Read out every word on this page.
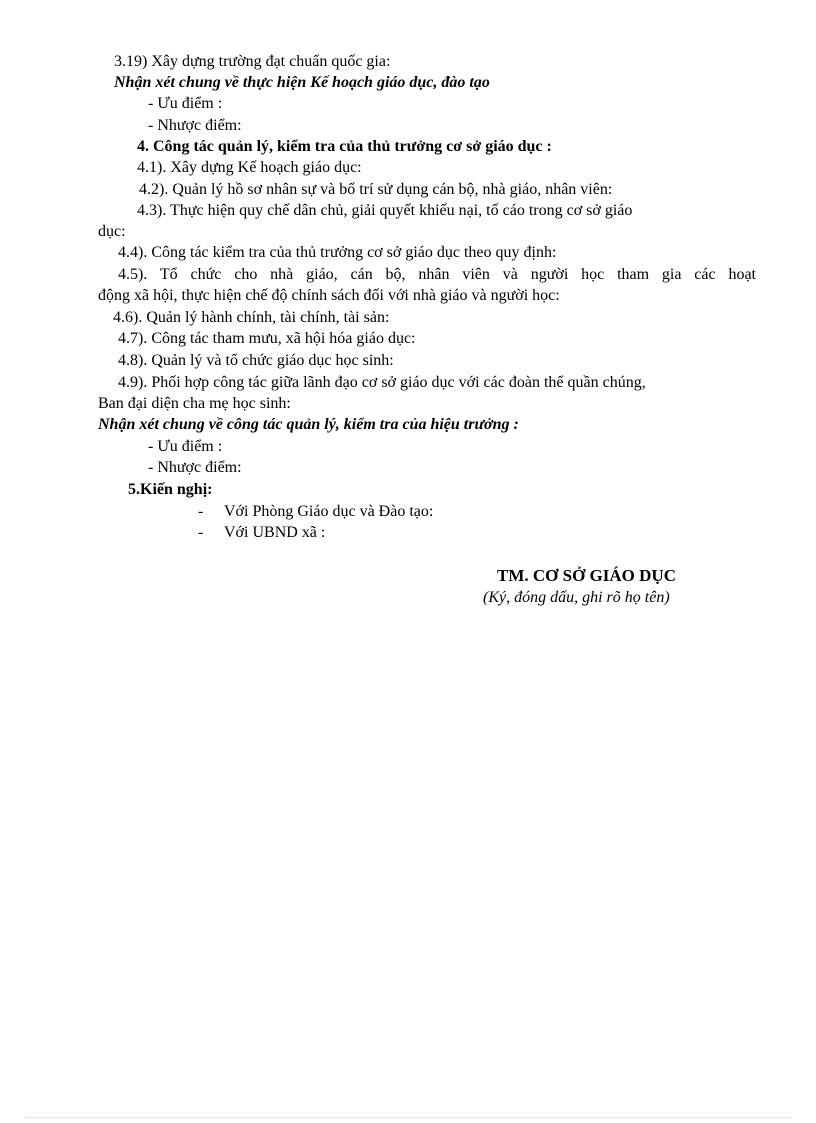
3.19) Xây dựng trường đạt chuẩn quốc gia:
Nhận xét chung về thực hiện Kế hoạch giáo dục, đào tạo
- Ưu điểm :
- Nhược điểm:
4. Công tác quản lý, kiểm tra của thủ trưởng cơ sở giáo dục :
4.1). Xây dựng Kế hoạch giáo dục:
4.2). Quản lý hồ sơ nhân sự và bố trí sử dụng cán bộ, nhà giáo, nhân viên:
4.3). Thực hiện quy chế dân chủ, giải quyết khiếu nại, tố cáo trong cơ sở giáo
dục:
4.4). Công tác kiểm tra của thủ trưởng cơ sở giáo dục theo quy định:
4.5). Tổ chức cho nhà giáo, cán bộ, nhân viên và người học tham gia các hoạt
động xã hội, thực hiện chế độ chính sách đối với nhà giáo và người học:
4.6). Quản lý hành chính, tài chính, tài sản:
4.7). Công tác tham mưu, xã hội hóa giáo dục:
4.8). Quản lý và tổ chức giáo dục học sinh:
4.9). Phối hợp công tác giữa lãnh đạo cơ sở giáo dục với các đoàn thể quần chúng,
Ban đại diện cha mẹ học sinh:
Nhận xét chung về công tác quản lý, kiểm tra của hiệu trưởng :
- Ưu điểm :
- Nhược điểm:
5.Kiến nghị:
- Với Phòng Giáo dục và Đào tạo:
- Với UBND xã :
TM. CƠ SỞ GIÁO DỤC
(Ký, đóng dấu, ghi rõ họ tên)
